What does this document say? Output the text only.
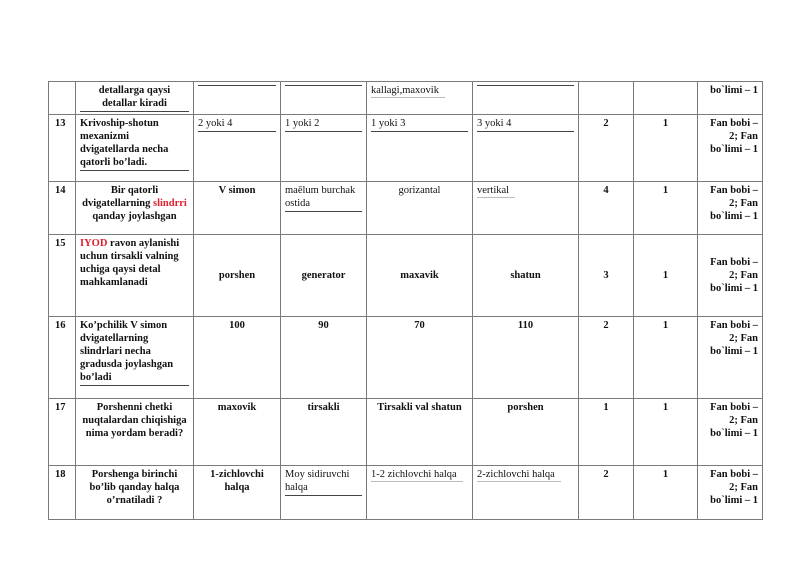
	detallarga qaysi detallar kiradi			kallagi,maxovik				bo`limi – 1
13	Krivoship-shotun mexanizmi dvigatellarda necha qatorli bo’ladi.	2 yoki 4	1 yoki 2	1 yoki 3	3 yoki 4	2	1	Fan bobi – 2; Fan bo`limi – 1
14	Bir qatorli dvigatellarning slindrri qanday joylashgan	V simon	maēlum burchak ostida	gorizantal	vertikal	4	1	Fan bobi – 2; Fan bo`limi – 1
15	IYOD ravon aylanishi uchun tirsakli valning uchiga qaysi detal mahkamlanadi	porshen	generator	maxavik	shatun	3	1	Fan bobi – 2; Fan bo`limi – 1
16	Ko’pchilik V simon dvigatellarning slindrlari necha gradusda joylashgan bo’ladi	100	90	70	110	2	1	Fan bobi – 2; Fan bo`limi – 1
17	Porshenni chetki nuqtalardan chiqishiga nima yordam beradi?	maxovik	tirsakli	Tirsakli val shatun	porshen	1	1	Fan bobi – 2; Fan bo`limi – 1
18	Porshenga birinchi bo’lib qanday halqa o’rnatiladi ?	1-zichlovchi halqa	Moy sidiruvchi halqa	1-2 zichlovchi halqa	2-zichlovchi halqa	2	1	Fan bobi – 2; Fan bo`limi – 1
